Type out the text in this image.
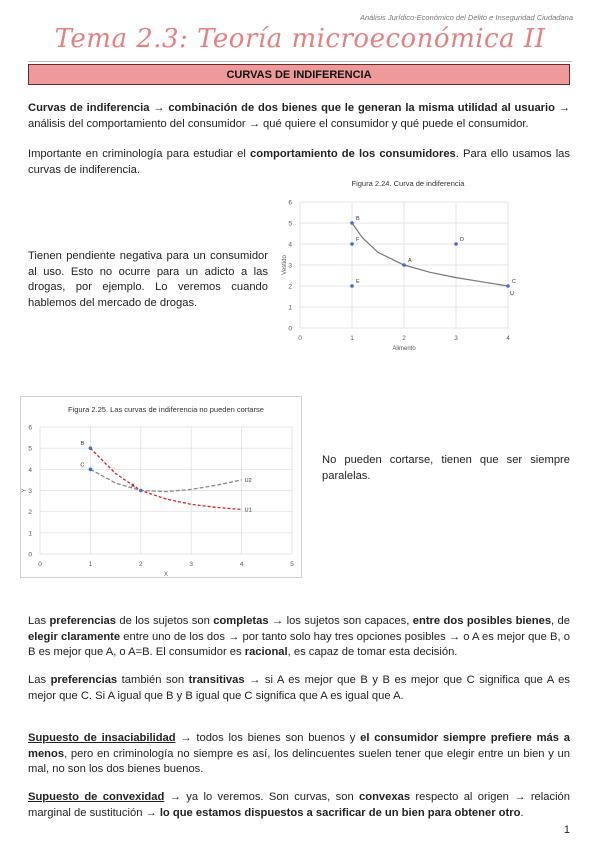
Análisis Jurídico-Económico del Delito e Inseguridad Ciudadana
Tema 2.3: Teoría microeconómica II
CURVAS DE INDIFERENCIA
Curvas de indiferencia → combinación de dos bienes que le generan la misma utilidad al usuario → análisis del comportamiento del consumidor → qué quiere el consumidor y qué puede el consumidor.
Importante en criminología para estudiar el comportamiento de los consumidores. Para ello usamos las curvas de indiferencia.
Tienen pendiente negativa para un consumidor al uso. Esto no ocurre para un adicto a las drogas, por ejemplo. Lo veremos cuando hablemos del mercado de drogas.
Figura 2.24. Curva de indiferencia
0
1
2
3
4
5
6
0	1	2	3	4
Alimento
Vestido
U
B
F
E
D
A
C
Figura 2.25. Las curvas de indiferencia no pueden cortarse
0
1
2
3
4
5
6
0	1	2	3	4	5
X
Y
U1
U2
B
C
A
No pueden cortarse, tienen que ser siempre paralelas.
Las preferencias de los sujetos son completas → los sujetos son capaces, entre dos posibles bienes, de elegir claramente entre uno de los dos → por tanto solo hay tres opciones posibles → o A es mejor que B, o B es mejor que A, o A=B. El consumidor es racional, es capaz de tomar esta decisión.
Las preferencias también son transitivas → si A es mejor que B y B es mejor que C significa que A es mejor que C. Si A igual que B y B igual que C significa que A es igual que A.
Supuesto de insaciabilidad → todos los bienes son buenos y el consumidor siempre prefiere más a menos, pero en criminología no siempre es así, los delincuentes suelen tener que elegir entre un bien y un mal, no son los dos bienes buenos.
Supuesto de convexidad → ya lo veremos. Son curvas, son convexas respecto al origen → relación marginal de sustitución → lo que estamos dispuestos a sacrificar de un bien para obtener otro.
1
